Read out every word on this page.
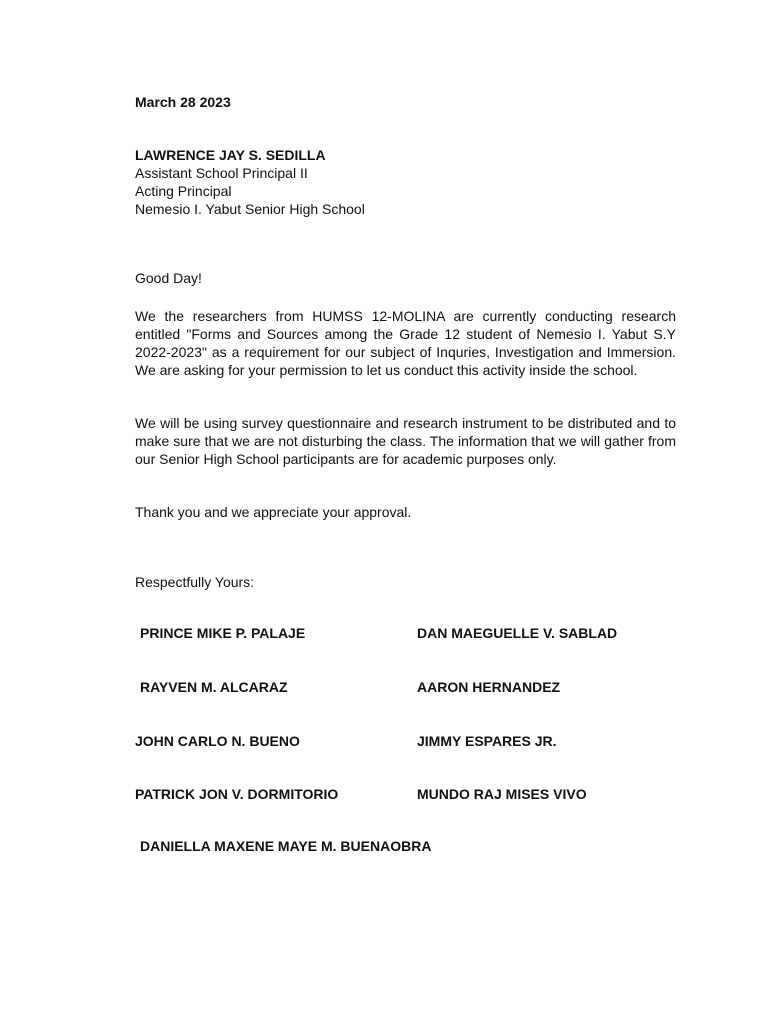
March 28 2023
LAWRENCE JAY S. SEDILLA
Assistant School Principal II
Acting Principal
Nemesio I. Yabut Senior High School
Good Day!

We the researchers from HUMSS 12-MOLINA are currently conducting research entitled "Forms and Sources among the Grade 12 student of Nemesio I. Yabut S.Y 2022-2023" as a requirement for our subject of Inquries, Investigation and Immersion. We are asking for your permission to let us conduct this activity inside the school.

We will be using survey questionnaire and research instrument to be distributed and to make sure that we are not disturbing the class. The information that we will gather from our Senior High School participants are for academic purposes only.

Thank you and we appreciate your approval.

Respectfully Yours:
PRINCE MIKE P. PALAJE	DAN MAEGUELLE V. SABLAD
RAYVEN M. ALCARAZ	AARON HERNANDEZ
JOHN CARLO N. BUENO	JIMMY ESPARES JR.
PATRICK JON V. DORMITORIO	MUNDO RAJ MISES VIVO
DANIELLA MAXENE MAYE M. BUENAOBRA
